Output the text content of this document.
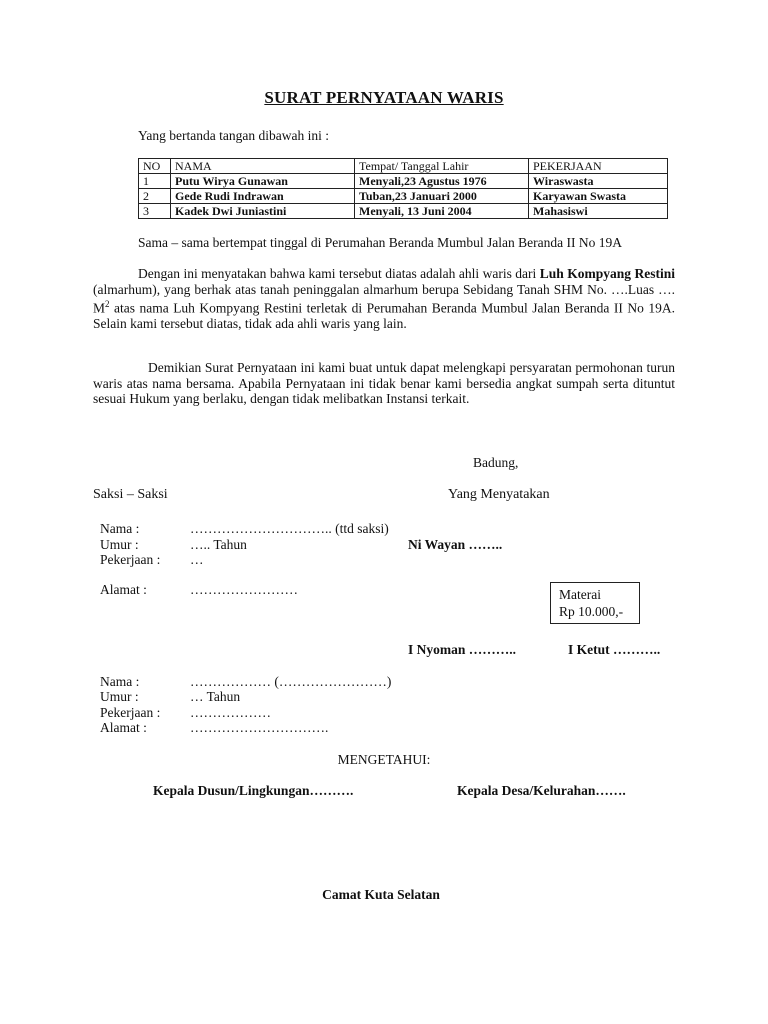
SURAT PERNYATAAN WARIS
Yang bertanda tangan dibawah ini :
NO	NAMA	Tempat/ Tanggal Lahir	PEKERJAAN
1	Putu Wirya Gunawan	Menyali,23 Agustus 1976	Wiraswasta
2	Gede Rudi Indrawan	Tuban,23 Januari 2000	Karyawan Swasta
3	Kadek Dwi Juniastini	Menyali, 13 Juni 2004	Mahasiswi
Sama – sama bertempat tinggal di Perumahan Beranda Mumbul Jalan Beranda II No 19A
Dengan ini menyatakan bahwa kami tersebut diatas adalah ahli waris dari Luh Kompyang Restini (almarhum), yang berhak atas tanah peninggalan almarhum berupa Sebidang Tanah SHM No. ….Luas …. $M^2$ atas nama Luh Kompyang Restini terletak di Perumahan Beranda Mumbul Jalan Beranda II No 19A. Selain kami tersebut diatas, tidak ada ahli waris yang lain.
Demikian Surat Pernyataan ini kami buat untuk dapat melengkapi persyaratan permohonan turun waris atas nama bersama. Apabila Pernyataan ini tidak benar kami bersedia angkat sumpah serta dituntut sesuai Hukum yang berlaku, dengan tidak melibatkan Instansi terkait.
Badung,
Saksi – Saksi	Yang Menyatakan
Nama :	………………………….. (ttd saksi)
Umur :	….. Tahun
Pekerjaan : …
Alamat :	……………………
Ni Wayan ……..
Materai
Rp 10.000,-
I Nyoman ………..	I Ketut ………..
Nama :	……………… (……………………)
Umur :	… Tahun
Pekerjaan : ………………
Alamat :	………………………….
MENGETAHUI:
Kepala Dusun/Lingkungan……….	Kepala Desa/Kelurahan…….
Camat Kuta Selatan
